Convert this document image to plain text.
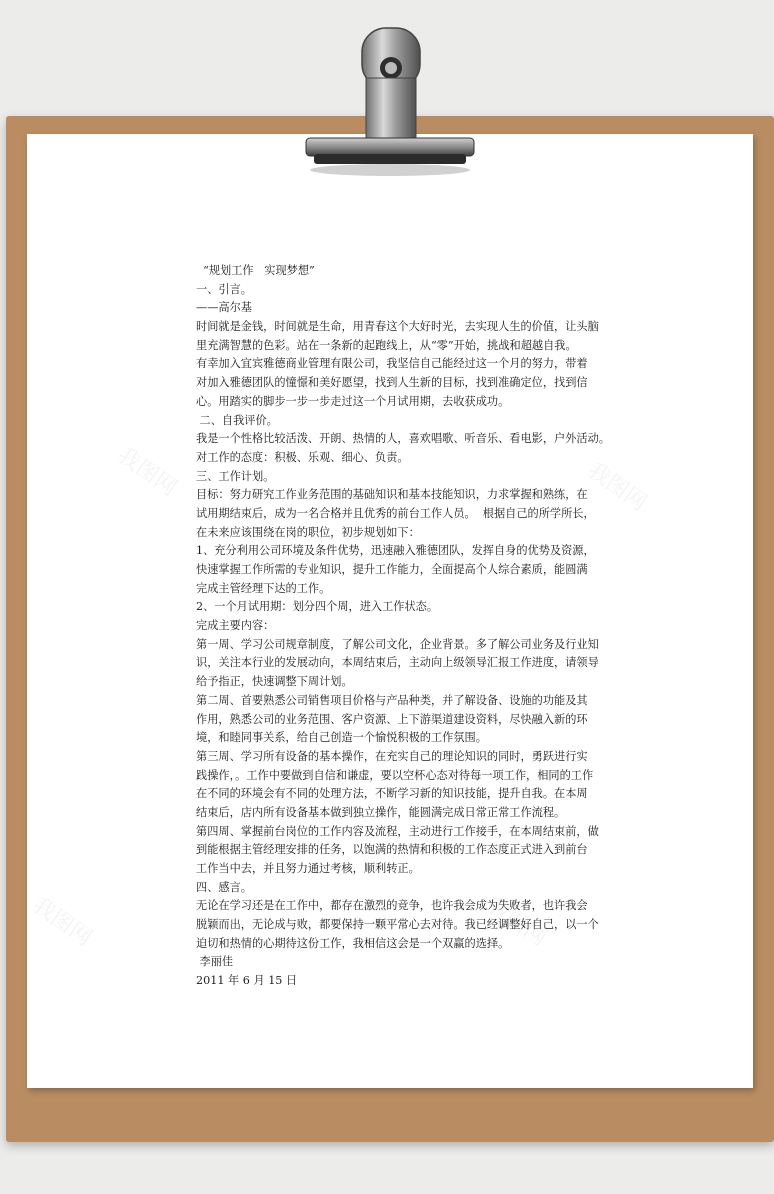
我图网	我图网
我图网	我图网
“规划工作   实现梦想”
一、引言。
——高尔基
时间就是金钱，时间就是生命，用青春这个大好时光，去实现人生的价值，让头脑
里充满智慧的色彩。站在一条新的起跑线上，从“零”开始，挑战和超越自我。
有幸加入宜宾雅德商业管理有限公司，我坚信自己能经过这一个月的努力，带着
对加入雅德团队的憧憬和美好愿望，找到人生新的目标，找到准确定位，找到信
心。用踏实的脚步一步一步走过这一个月试用期，去收获成功。
二、自我评价。
我是一个性格比较活泼、开朗、热情的人，喜欢唱歌、听音乐、看电影，户外活动。
对工作的态度：积极、乐观、细心、负责。
三、工作计划。
目标：努力研究工作业务范围的基础知识和基本技能知识，力求掌握和熟练，在
试用期结束后，成为一名合格并且优秀的前台工作人员。  根据自己的所学所长，
在未来应该围绕在岗的职位，初步规划如下：
1、充分利用公司环境及条件优势，迅速融入雅德团队，发挥自身的优势及资源，
快速掌握工作所需的专业知识，提升工作能力，全面提高个人综合素质，能圆满
完成主管经理下达的工作。
2、一个月试用期：划分四个周，进入工作状态。
完成主要内容：
第一周、学习公司规章制度，了解公司文化，企业背景。多了解公司业务及行业知
识，关注本行业的发展动向，本周结束后，主动向上级领导汇报工作进度，请领导
给予指正，快速调整下周计划。
第二周、首要熟悉公司销售项目价格与产品种类，并了解设备、设施的功能及其
作用，熟悉公司的业务范围、客户资源、上下游渠道建设资料，尽快融入新的环
境，和睦同事关系，给自己创造一个愉悦积极的工作氛围。
第三周、学习所有设备的基本操作，在充实自己的理论知识的同时，勇跃进行实
践操作，。工作中要做到自信和谦虚，要以空杯心态对待每一项工作，相同的工作
在不同的环境会有不同的处理方法，不断学习新的知识技能，提升自我。在本周
结束后，店内所有设备基本做到独立操作，能圆满完成日常正常工作流程。
第四周、掌握前台岗位的工作内容及流程，主动进行工作接手，在本周结束前，做
到能根据主管经理安排的任务，以饱满的热情和积极的工作态度正式进入到前台
工作当中去，并且努力通过考核，顺利转正。
四、感言。
无论在学习还是在工作中，都存在激烈的竞争，也许我会成为失败者，也许我会
脱颖而出，无论成与败，都要保持一颗平常心去对待。我已经调整好自己，以一个
迫切和热情的心期待这份工作，我相信这会是一个双赢的选择。
李丽佳
2011 年 6 月 15 日
